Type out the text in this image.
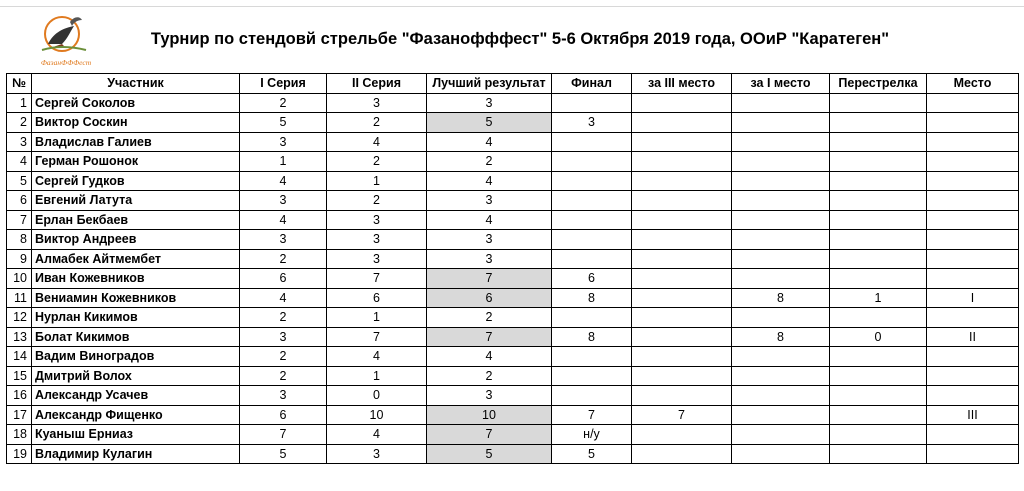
ФазанФФФест
Турнир по стендовй стрельбе "Фазанофффест" 5-6 Октября 2019 года, ООиР "Каратеген"
№	Участник	I Серия	II Серия	Лучший результат	Финал	за III место	за I место	Перестрелка	Место
1	Сергей Соколов	2	3	3					
2	Виктор Соскин	5	2	5	3				
3	Владислав Галиев	3	4	4					
4	Герман Рошонок	1	2	2					
5	Сергей Гудков	4	1	4					
6	Евгений Латута	3	2	3					
7	Ерлан Бекбаев	4	3	4					
8	Виктор Андреев	3	3	3					
9	Алмабек Айтмембет	2	3	3					
10	Иван Кожевников	6	7	7	6				
11	Вениамин Кожевников	4	6	6	8		8	1	I
12	Нурлан Кикимов	2	1	2					
13	Болат Кикимов	3	7	7	8		8	0	II
14	Вадим Виноградов	2	4	4					
15	Дмитрий Волох	2	1	2					
16	Александр Усачев	3	0	3					
17	Александр Фищенко	6	10	10	7	7			III
18	Куаныш Ерниаз	7	4	7	н/у				
19	Владимир Кулагин	5	3	5	5				
